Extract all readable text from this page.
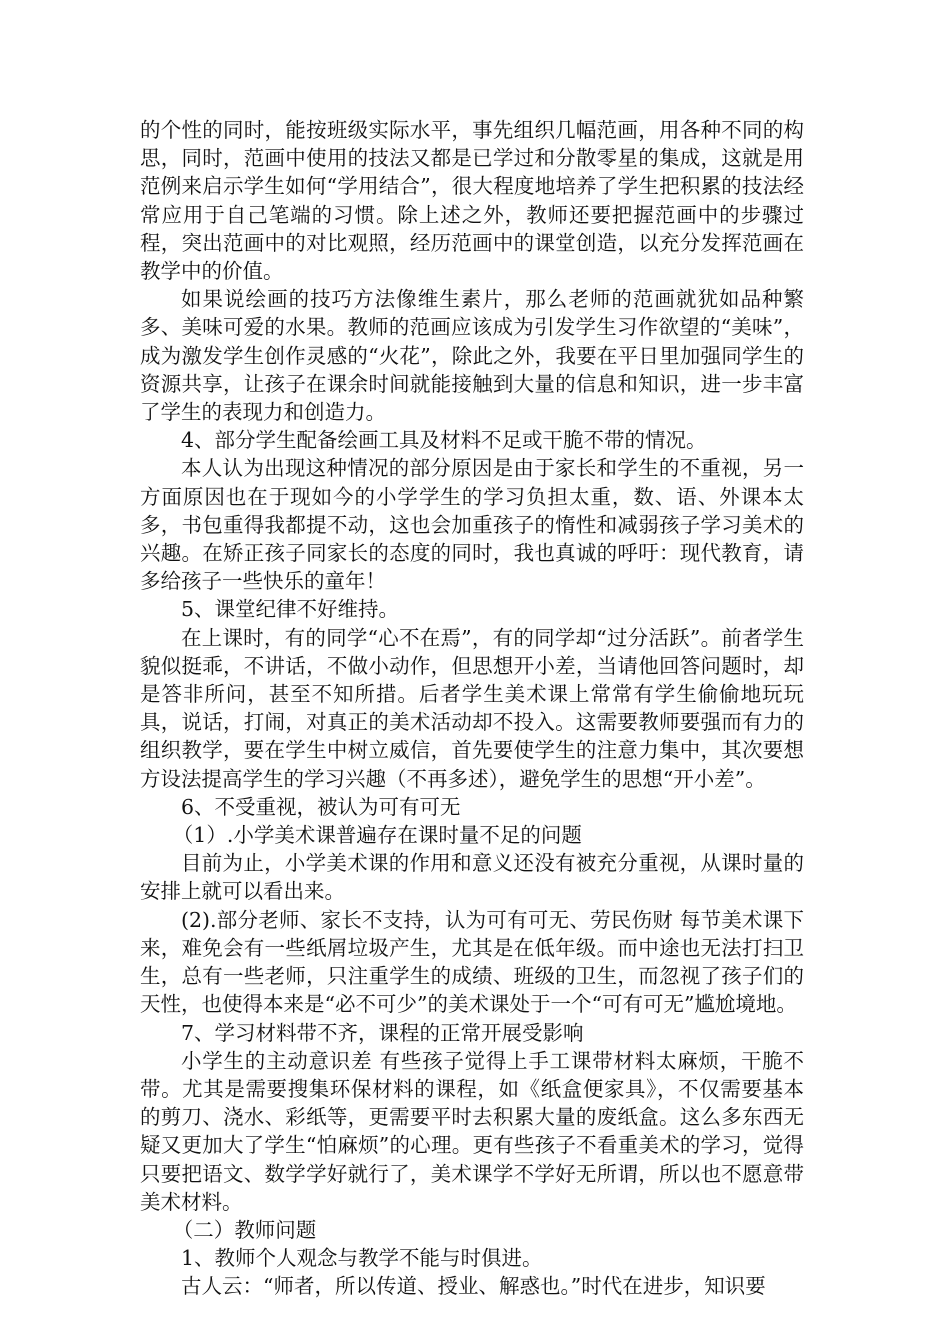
的个性的同时，能按班级实际水平，事先组织几幅范画，用各种不同的构思，同时，范画中使用的技法又都是已学过和分散零星的集成，这就是用范例来启示学生如何“学用结合”，很大程度地培养了学生把积累的技法经常应用于自己笔端的习惯。除上述之外，教师还要把握范画中的步骤过程，突出范画中的对比观照，经历范画中的课堂创造，以充分发挥范画在教学中的价值。

如果说绘画的技巧方法像维生素片，那么老师的范画就犹如品种繁多、美味可爱的水果。教师的范画应该成为引发学生习作欲望的“美味”，成为激发学生创作灵感的“火花”，除此之外，我要在平日里加强同学生的资源共享，让孩子在课余时间就能接触到大量的信息和知识，进一步丰富了学生的表现力和创造力。

4、部分学生配备绘画工具及材料不足或干脆不带的情况。

本人认为出现这种情况的部分原因是由于家长和学生的不重视，另一方面原因也在于现如今的小学学生的学习负担太重，数、语、外课本太多，书包重得我都提不动，这也会加重孩子的惰性和减弱孩子学习美术的兴趣。在矫正孩子同家长的态度的同时，我也真诚的呼吁：现代教育，请多给孩子一些快乐的童年！

5、课堂纪律不好维持。

在上课时，有的同学“心不在焉”，有的同学却“过分活跃”。前者学生貌似挺乖，不讲话，不做小动作，但思想开小差，当请他回答问题时，却是答非所问，甚至不知所措。后者学生美术课上常常有学生偷偷地玩玩具，说话，打闹，对真正的美术活动却不投入。这需要教师要强而有力的组织教学，要在学生中树立威信，首先要使学生的注意力集中，其次要想方设法提高学生的学习兴趣（不再多述），避免学生的思想“开小差”。

6、不受重视，被认为可有可无

（1）.小学美术课普遍存在课时量不足的问题

目前为止，小学美术课的作用和意义还没有被充分重视，从课时量的安排上就可以看出来。

(2).部分老师、家长不支持，认为可有可无、劳民伤财 每节美术课下来，难免会有一些纸屑垃圾产生，尤其是在低年级。而中途也无法打扫卫生，总有一些老师，只注重学生的成绩、班级的卫生，而忽视了孩子们的天性，也使得本来是“必不可少”的美术课处于一个“可有可无”尴尬境地。

7、学习材料带不齐，课程的正常开展受影响

小学生的主动意识差 有些孩子觉得上手工课带材料太麻烦，干脆不带。尤其是需要搜集环保材料的课程，如《纸盒便家具》，不仅需要基本的剪刀、浇水、彩纸等，更需要平时去积累大量的废纸盒。这么多东西无疑又更加大了学生“怕麻烦”的心理。更有些孩子不看重美术的学习，觉得只要把语文、数学学好就行了，美术课学不学好无所谓，所以也不愿意带美术材料。

（二）教师问题

1、教师个人观念与教学不能与时俱进。

古人云：“师者，所以传道、授业、解惑也。”时代在进步，知识要
